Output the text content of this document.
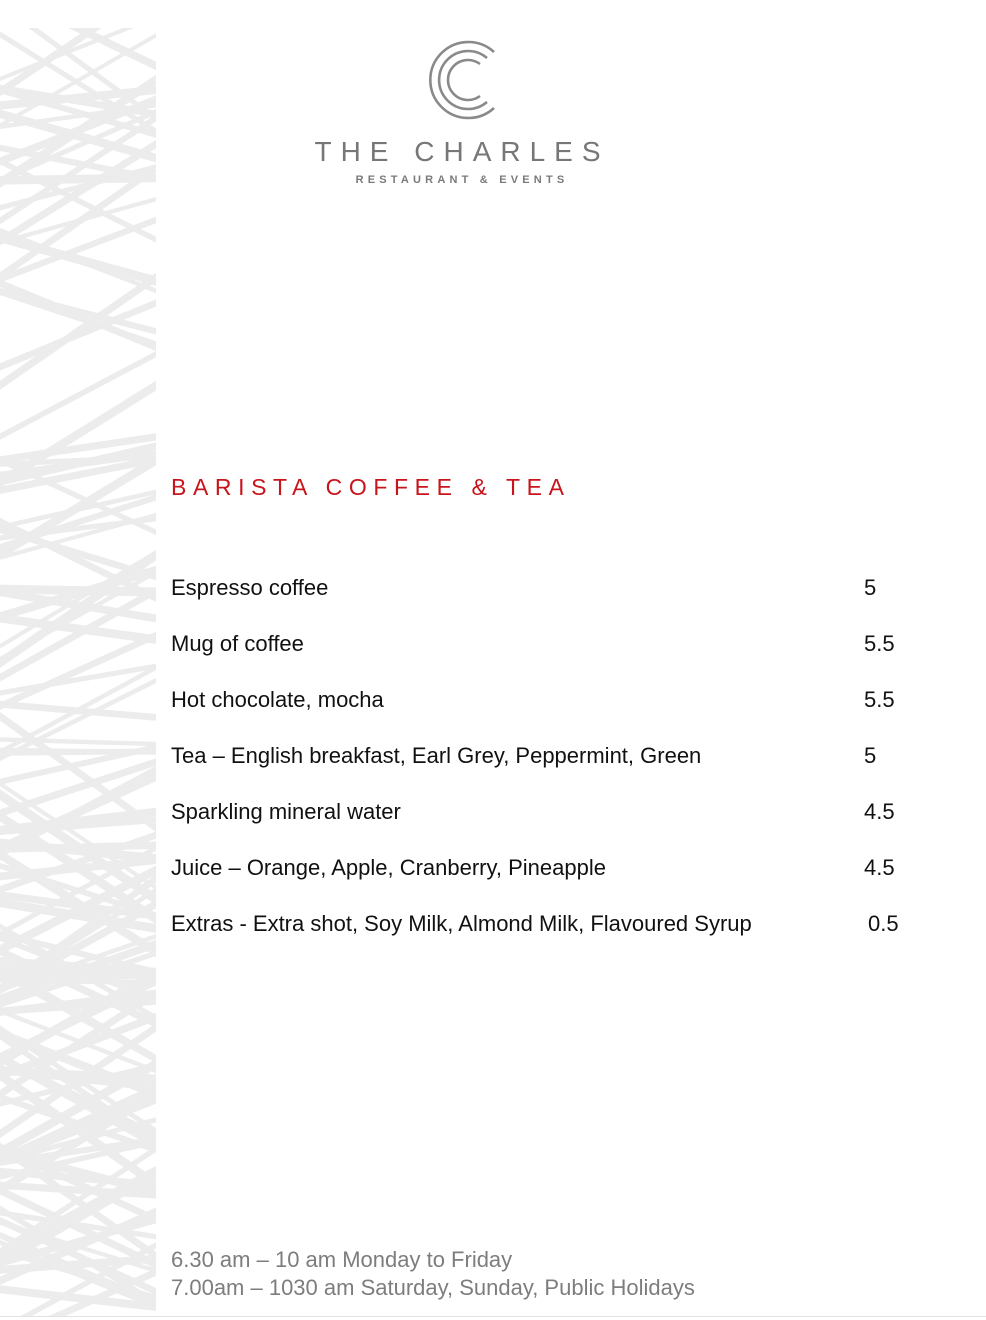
THE CHARLES
RESTAURANT & EVENTS
BARISTA COFFEE & TEA
Espresso coffee	5
Mug of coffee	5.5
Hot chocolate, mocha	5.5
Tea – English breakfast, Earl Grey, Peppermint, Green	5
Sparkling mineral water	4.5
Juice – Orange, Apple, Cranberry, Pineapple	4.5
Extras - Extra shot, Soy Milk, Almond Milk, Flavoured Syrup	0.5
6.30 am – 10 am Monday to Friday
7.00am – 1030 am Saturday, Sunday, Public Holidays
